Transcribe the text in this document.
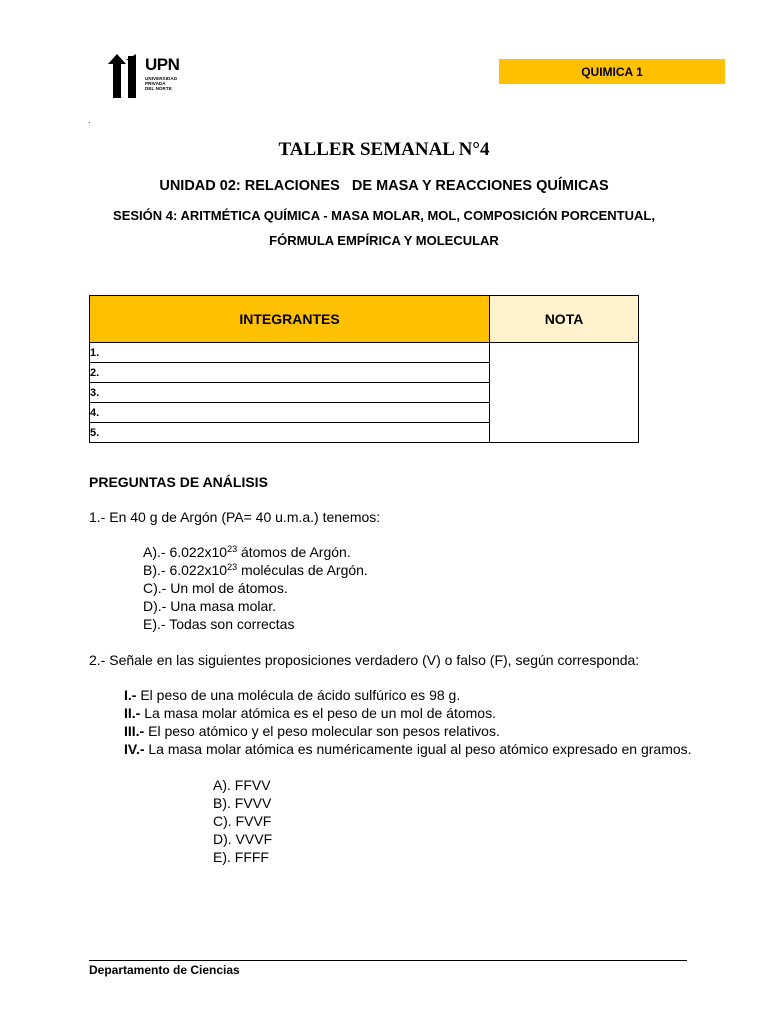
UPN
UNIVERSIDAD
PRIVADA
DEL NORTE
QUIMICA 1
.
TALLER SEMANAL N°4
UNIDAD 02: RELACIONES   DE MASA Y REACCIONES QUÍMICAS
SESIÓN 4: ARITMÉTICA QUÍMICA - MASA MOLAR, MOL, COMPOSICIÓN PORCENTUAL,
FÓRMULA EMPÍRICA Y MOLECULAR
INTEGRANTES	NOTA
1.	
2.	
3.	
4.	
5.	
PREGUNTAS DE ANÁLISIS
1.- En 40 g de Argón (PA= 40 u.m.a.) tenemos:
A).- $6.022x10^{23}$ átomos de Argón.
B).- $6.022x10^{23}$ moléculas de Argón.
C).- Un mol de átomos.
D).- Una masa molar.
E).- Todas son correctas
2.- Señale en las siguientes proposiciones verdadero (V) o falso (F), según corresponda:
I.- El peso de una molécula de ácido sulfúrico es 98 g.
II.- La masa molar atómica es el peso de un mol de átomos.
III.- El peso atómico y el peso molecular son pesos relativos.
IV.- La masa molar atómica es numéricamente igual al peso atómico expresado en gramos.
A). FFVV
B). FVVV
C). FVVF
D). VVVF
E). FFFF
Departamento de Ciencias
